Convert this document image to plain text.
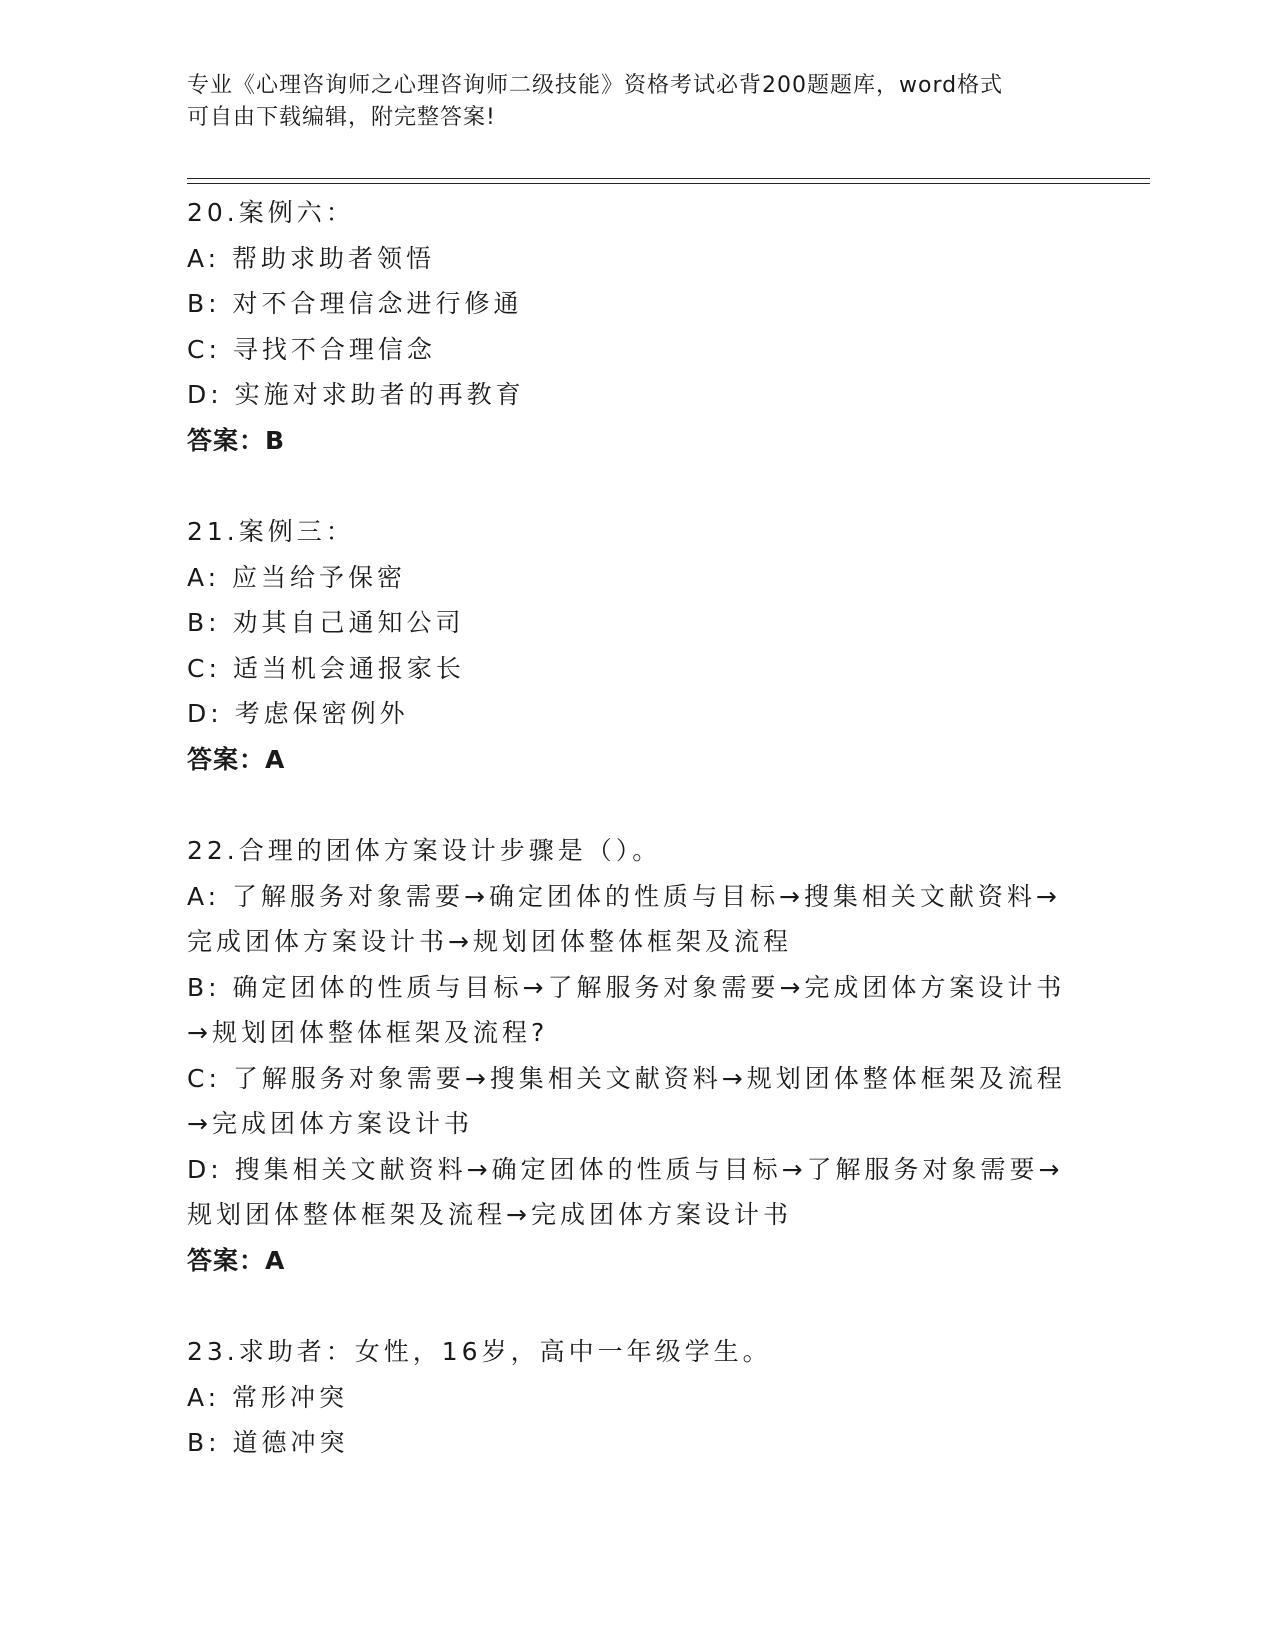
专业《心理咨询师之心理咨询师二级技能》资格考试必背200题题库，word格式
可自由下载编辑，附完整答案!
20.案例六：
A: 帮助求助者领悟
B: 对不合理信念进行修通
C: 寻找不合理信念
D: 实施对求助者的再教育
答案：B
21.案例三：
A: 应当给予保密
B: 劝其自己通知公司
C: 适当机会通报家长
D: 考虑保密例外
答案：A
22.合理的团体方案设计步骤是（）。
A: 了解服务对象需要→确定团体的性质与目标→搜集相关文献资料→
完成团体方案设计书→规划团体整体框架及流程
B: 确定团体的性质与目标→了解服务对象需要→完成团体方案设计书
→规划团体整体框架及流程?
C: 了解服务对象需要→搜集相关文献资料→规划团体整体框架及流程
→完成团体方案设计书
D: 搜集相关文献资料→确定团体的性质与目标→了解服务对象需要→
规划团体整体框架及流程→完成团体方案设计书
答案：A
23.求助者：女性，16岁，高中一年级学生。
A: 常形冲突
B: 道德冲突
